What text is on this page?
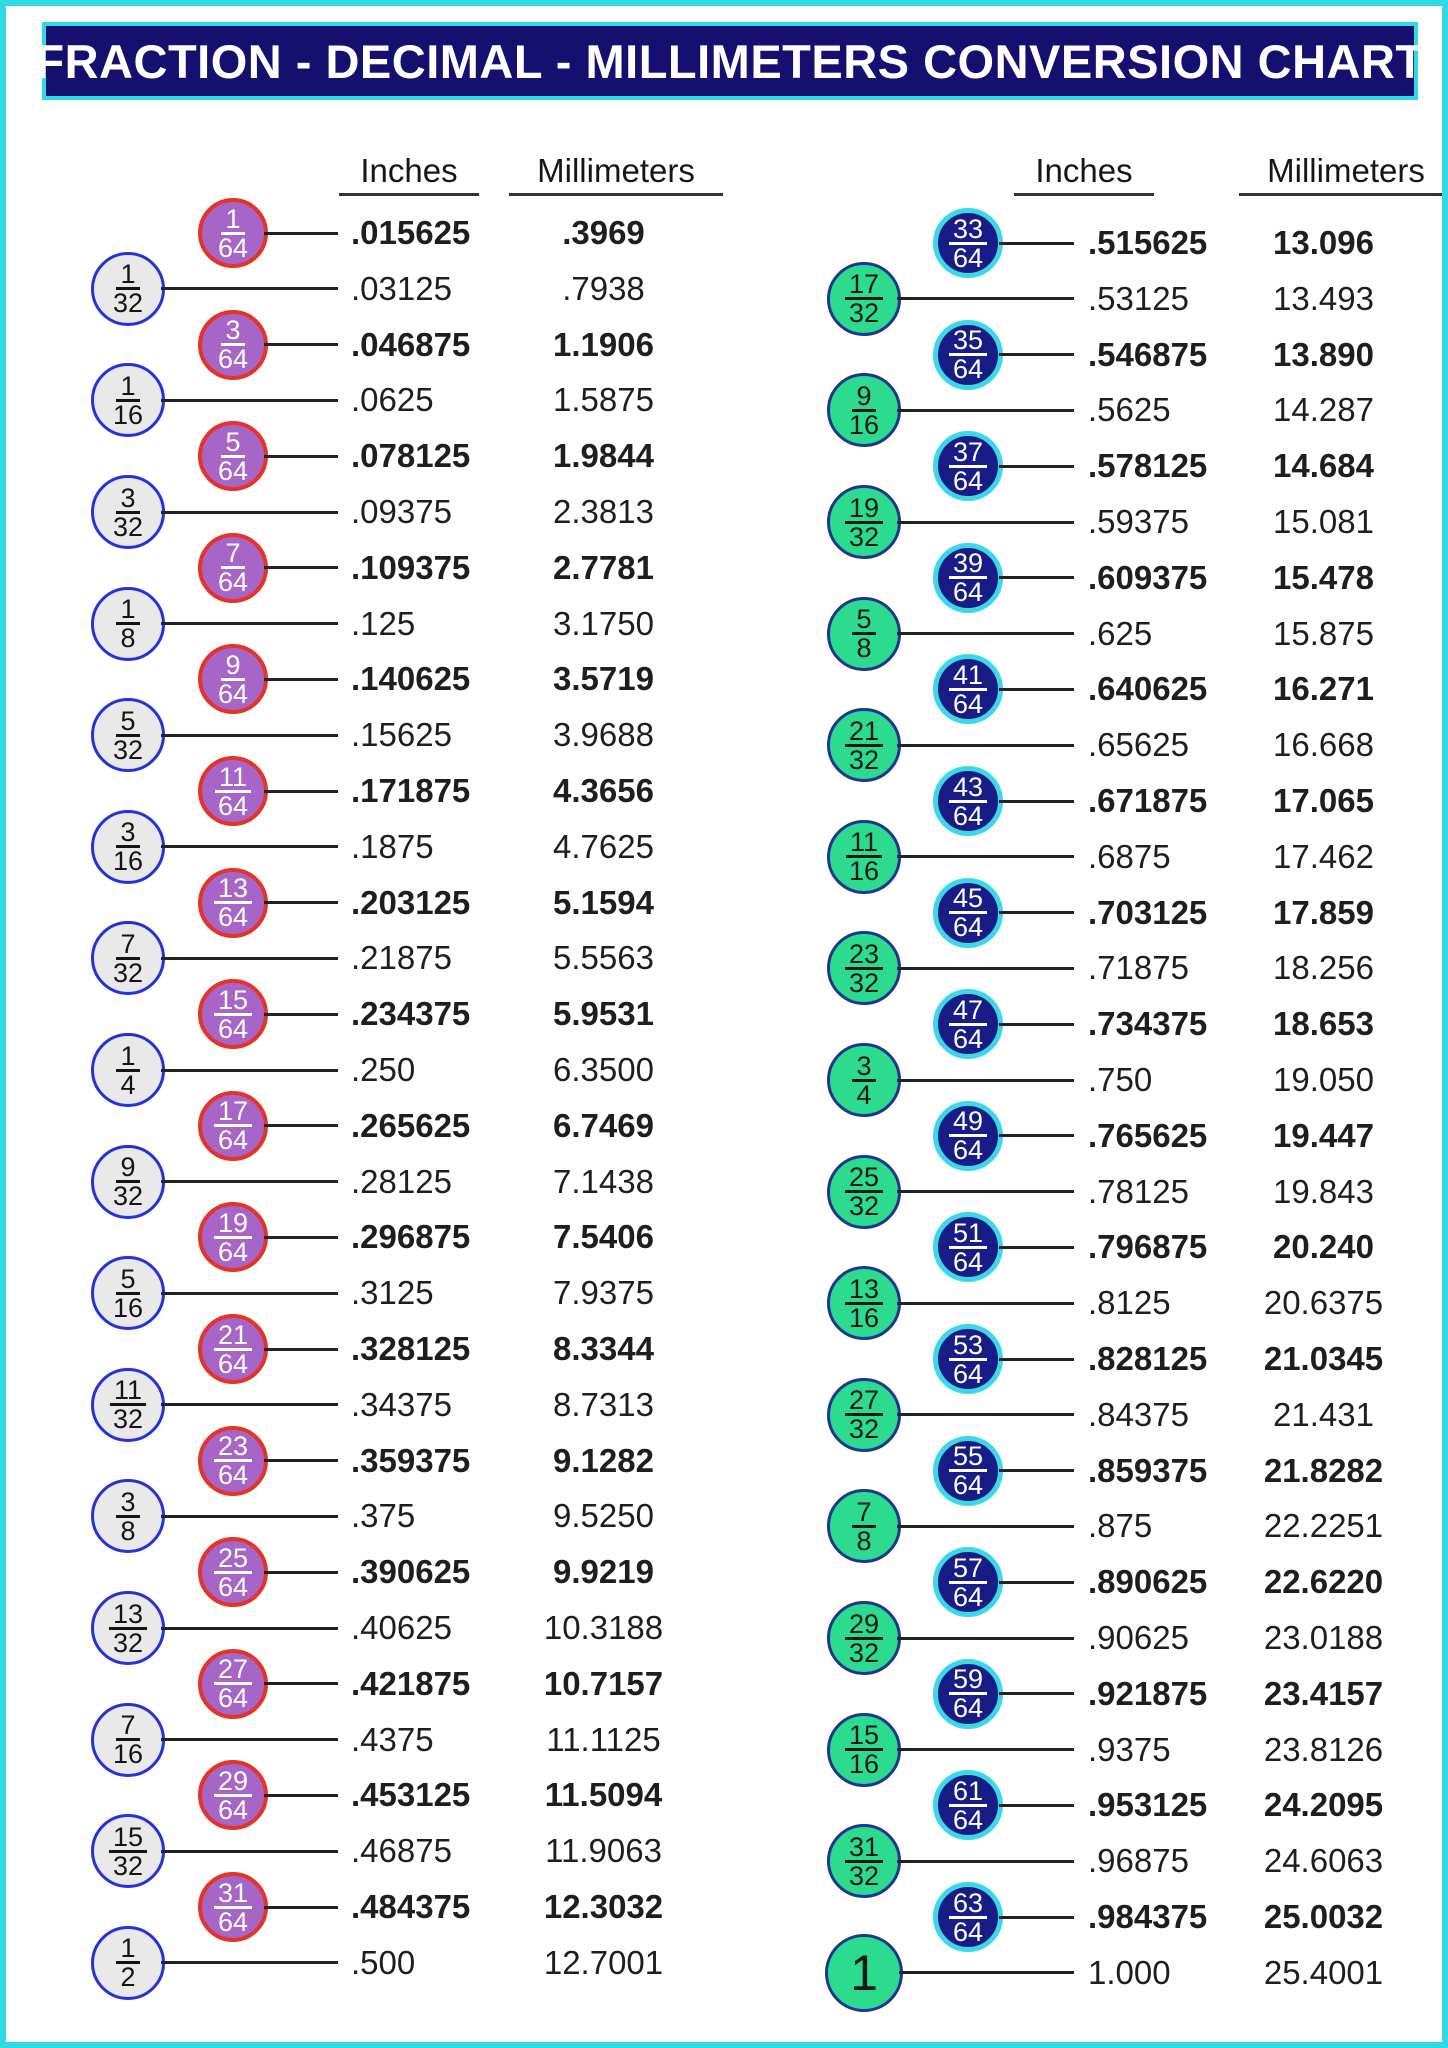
FRACTION - DECIMAL - MILLIMETERS CONVERSION CHART
Inches	Millimeters	Inches	Millimeters
$\frac{1}{64}$	.015625	.3969
$\frac{1}{32}$	.03125	.7938
$\frac{3}{64}$	.046875	1.1906
$\frac{1}{16}$	.0625	1.5875
$\frac{5}{64}$	.078125	1.9844
$\frac{3}{32}$	.09375	2.3813
$\frac{7}{64}$	.109375	2.7781
$\frac{1}{8}$	.125	3.1750
$\frac{9}{64}$	.140625	3.5719
$\frac{5}{32}$	.15625	3.9688
$\frac{11}{64}$	.171875	4.3656
$\frac{3}{16}$	.1875	4.7625
$\frac{13}{64}$	.203125	5.1594
$\frac{7}{32}$	.21875	5.5563
$\frac{15}{64}$	.234375	5.9531
$\frac{1}{4}$	.250	6.3500
$\frac{17}{64}$	.265625	6.7469
$\frac{9}{32}$	.28125	7.1438
$\frac{19}{64}$	.296875	7.5406
$\frac{5}{16}$	.3125	7.9375
$\frac{21}{64}$	.328125	8.3344
$\frac{11}{32}$	.34375	8.7313
$\frac{23}{64}$	.359375	9.1282
$\frac{3}{8}$	.375	9.5250
$\frac{25}{64}$	.390625	9.9219
$\frac{13}{32}$	.40625	10.3188
$\frac{27}{64}$	.421875	10.7157
$\frac{7}{16}$	.4375	11.1125
$\frac{29}{64}$	.453125	11.5094
$\frac{15}{32}$	.46875	11.9063
$\frac{31}{64}$	.484375	12.3032
$\frac{1}{2}$	.500	12.7001
$\frac{33}{64}$	.515625	13.096
$\frac{17}{32}$	.53125	13.493
$\frac{35}{64}$	.546875	13.890
$\frac{9}{16}$	.5625	14.287
$\frac{37}{64}$	.578125	14.684
$\frac{19}{32}$	.59375	15.081
$\frac{39}{64}$	.609375	15.478
$\frac{5}{8}$	.625	15.875
$\frac{41}{64}$	.640625	16.271
$\frac{21}{32}$	.65625	16.668
$\frac{43}{64}$	.671875	17.065
$\frac{11}{16}$	.6875	17.462
$\frac{45}{64}$	.703125	17.859
$\frac{23}{32}$	.71875	18.256
$\frac{47}{64}$	.734375	18.653
$\frac{3}{4}$	.750	19.050
$\frac{49}{64}$	.765625	19.447
$\frac{25}{32}$	.78125	19.843
$\frac{51}{64}$	.796875	20.240
$\frac{13}{16}$	.8125	20.6375
$\frac{53}{64}$	.828125	21.0345
$\frac{27}{32}$	.84375	21.431
$\frac{55}{64}$	.859375	21.8282
$\frac{7}{8}$	.875	22.2251
$\frac{57}{64}$	.890625	22.6220
$\frac{29}{32}$	.90625	23.0188
$\frac{59}{64}$	.921875	23.4157
$\frac{15}{16}$	.9375	23.8126
$\frac{61}{64}$	.953125	24.2095
$\frac{31}{32}$	.96875	24.6063
$\frac{63}{64}$	.984375	25.0032
1	1.000	25.4001
